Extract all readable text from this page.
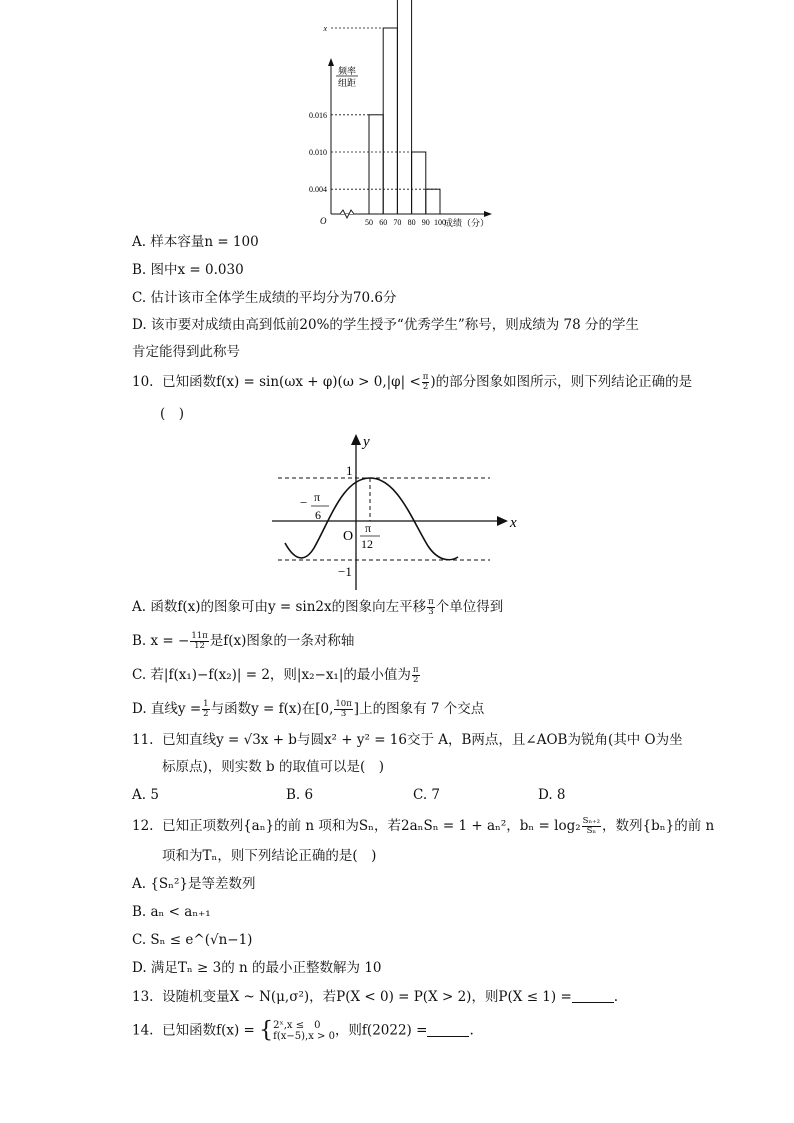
x
0.016
0.010
0.004
50 60 70 80 90 100
频率
组距
成绩（分）
O
A. 样本容量n = 100
B. 图中x = 0.030
C. 估计该市全体学生成绩的平均分为70.6分
D. 该市要对成绩由高到低前20%的学生授予“优秀学生”称号，则成绩为 78 分的学生
肯定能得到此称号
10. 已知函数$f(x) = \sin(\omega x + \varphi)(\omega > 0,|\varphi| < \frac{\pi}{2}$ )的部分图象如图所示，则下列结论正确的是
(　)
y
x
1
−1
O
− π
6
π
12
A. 函数f(x)的图象可由y = sin2x的图象向左平移 $\frac{\pi}{3}$ 个单位得到
B. x = − $\frac{11\pi}{12}$ 是f(x)图象的一条对称轴
C. 若|f(x₁)−f(x₂)| = 2，则|x₂−x₁|的最小值为 $\frac{\pi}{2}$
D. 直线$y = \frac{1}{2}$ 与函数y = f(x)在[0, $\frac{10\pi}{3}$ ]上的图象有 7 个交点
11. 已知直线y = √3x + b与圆x² + y² = 16交于 A，B两点，且∠AOB为锐角(其中 O为坐
标原点)，则实数 b 的取值可以是(　)
A. 5	B. 6	C. 7	D. 8
12. 已知正项数列{aₙ}的前 n 项和为Sₙ，若2aₙSₙ = 1 + aₙ²，$b_n = \log_2 \frac{\text{Sₙ₊₂}}{\text{Sₙ}}$ ，数列{bₙ}的前 n
项和为Tₙ，则下列结论正确的是(　)
A. {Sₙ²}是等差数列
B. aₙ < aₙ₊₁
C. Sₙ ≤ e^(√n−1)
D. 满足Tₙ ≥ 3的 n 的最小正整数解为 10
13. 设随机变量X ~ N(μ,σ²)，若P(X < 0) = P(X > 2)，则P(X ≤ 1) =	.
14. 已知函数f(x) = { 2ˣ,x ≤　0
f(x−5),x > 0 ，则f(2022) =	.
